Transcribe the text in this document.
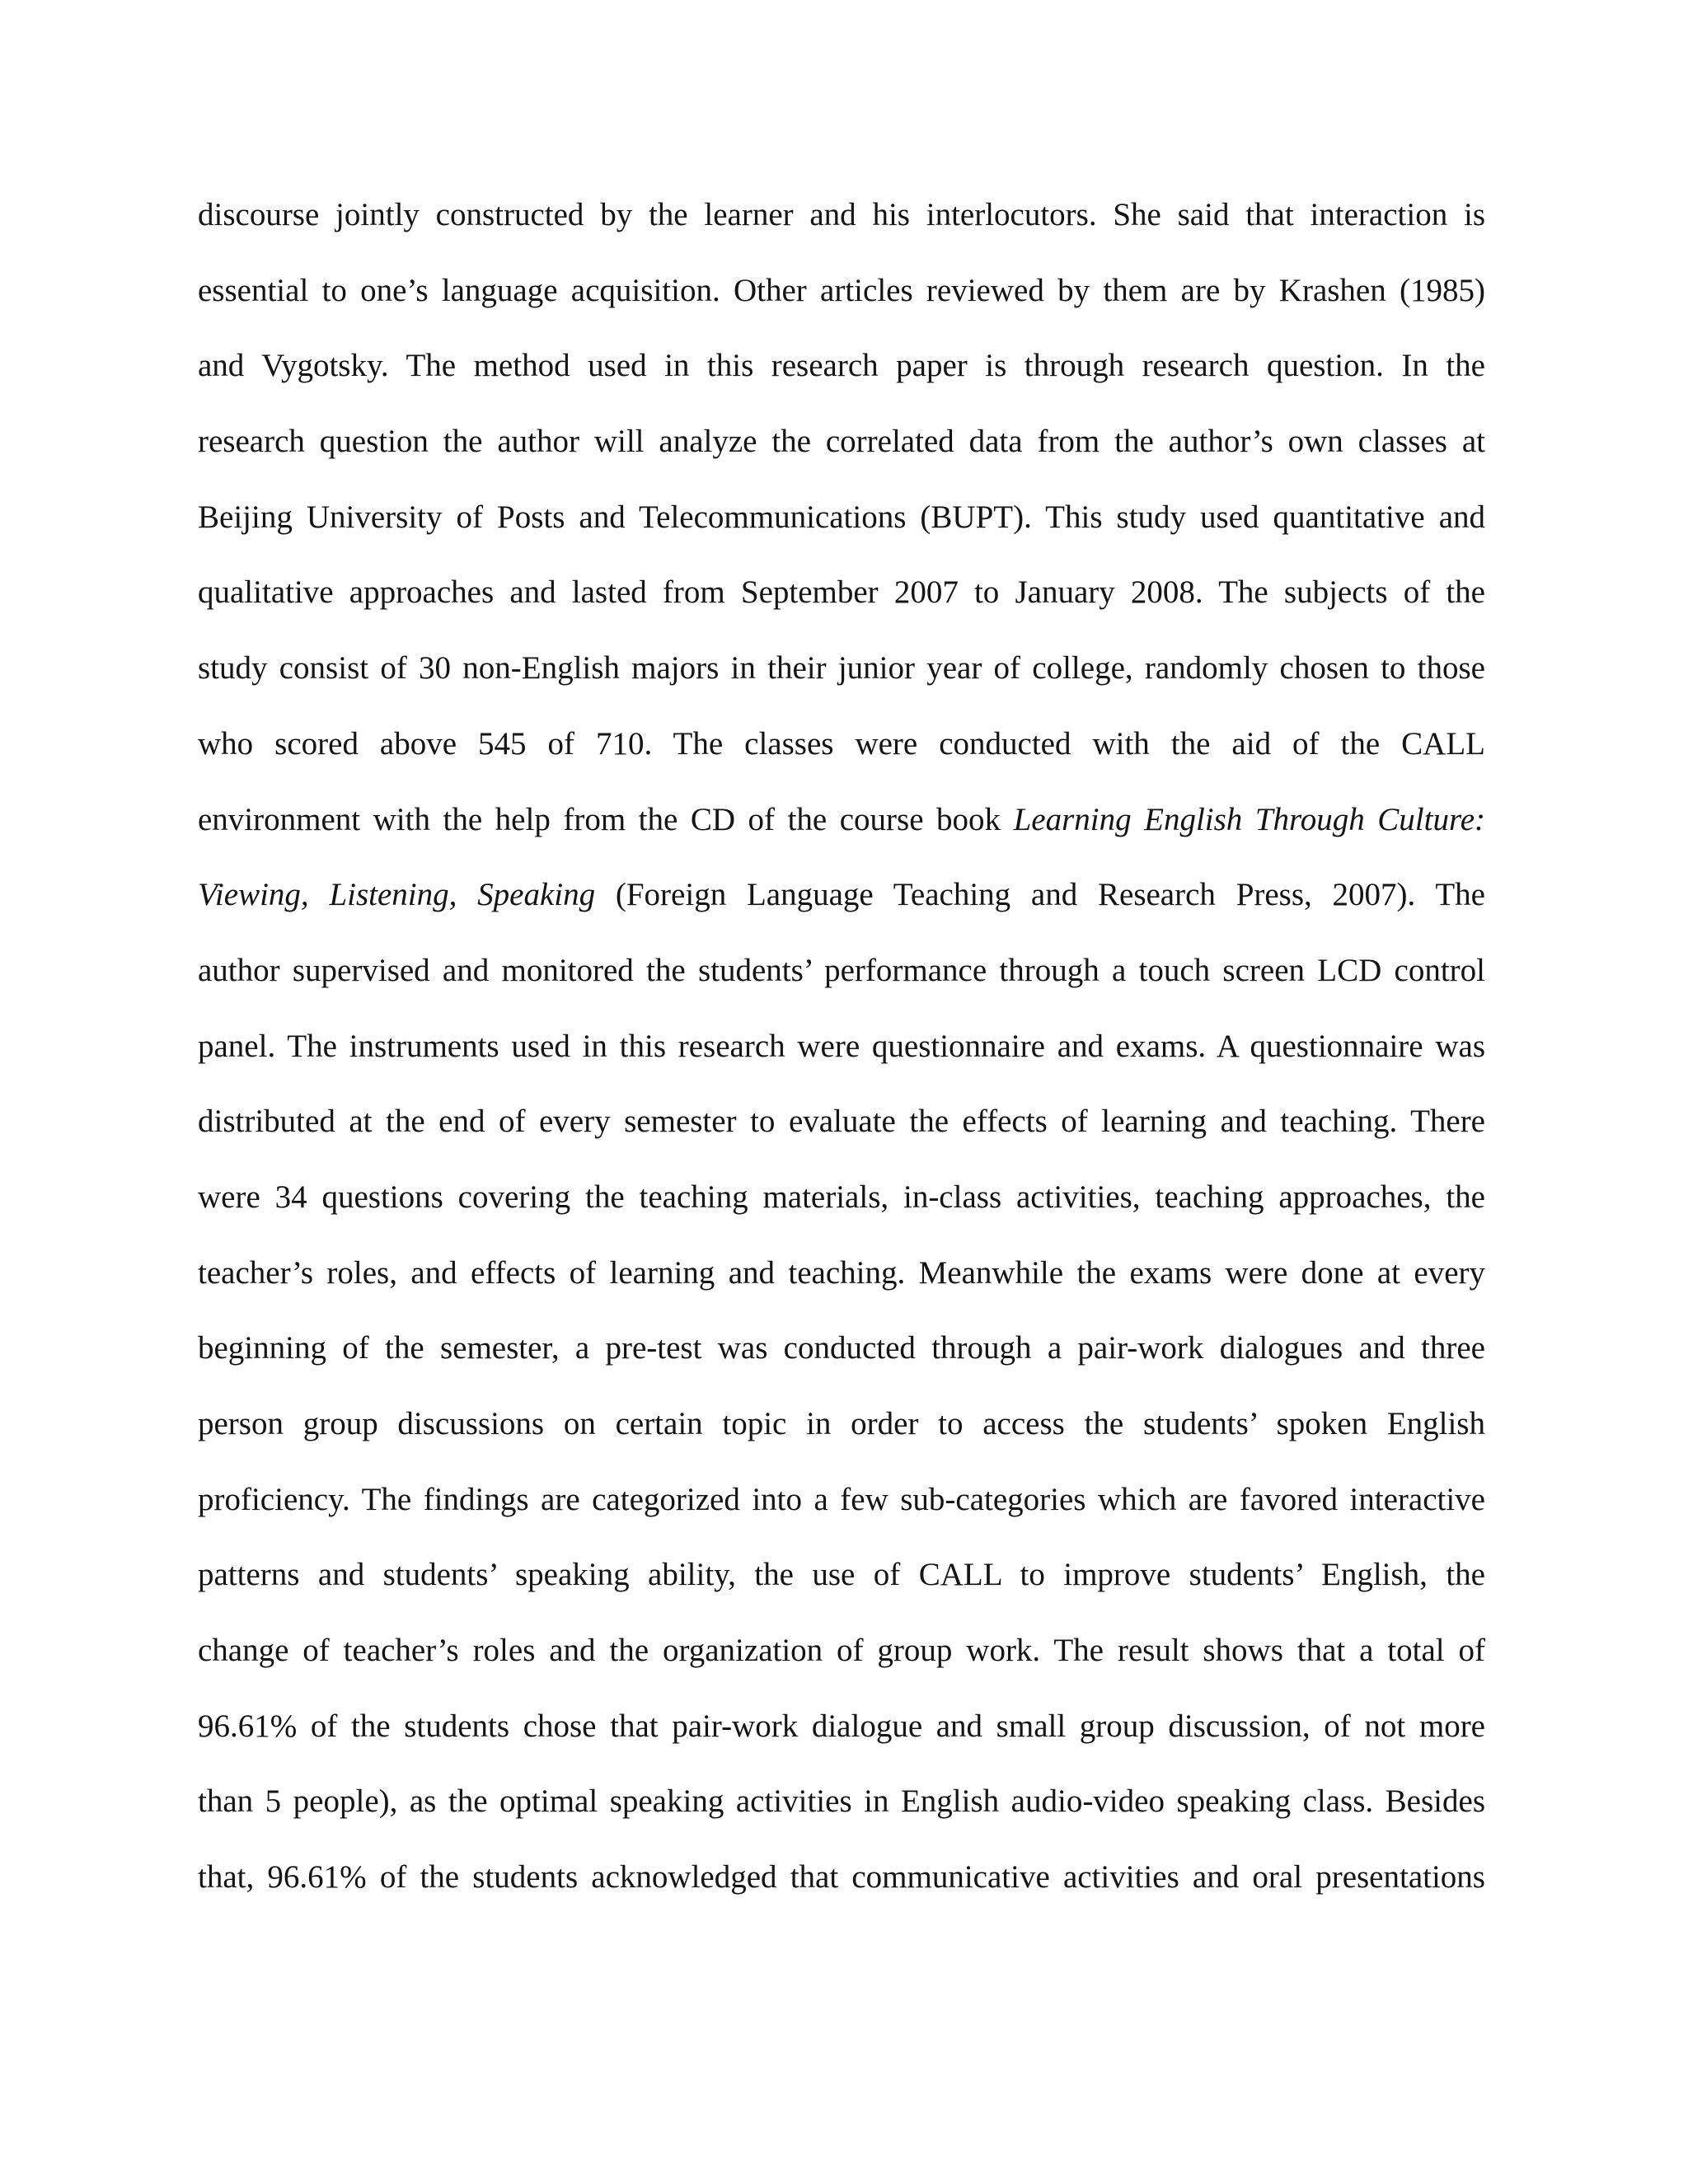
discourse jointly constructed by the learner and his interlocutors. She said that interaction is
essential to one’s language acquisition. Other articles reviewed by them are by Krashen (1985)
and Vygotsky. The method used in this research paper is through research question. In the
research question the author will analyze the correlated data from the author’s own classes at
Beijing University of Posts and Telecommunications (BUPT). This study used quantitative and
qualitative approaches and lasted from September 2007 to January 2008. The subjects of the
study consist of 30 non-English majors in their junior year of college, randomly chosen to those
who scored above 545 of 710. The classes were conducted with the aid of the CALL
environment with the help from the CD of the course book Learning English Through Culture:
Viewing, Listening, Speaking (Foreign Language Teaching and Research Press, 2007). The
author supervised and monitored the students’ performance through a touch screen LCD control
panel. The instruments used in this research were questionnaire and exams. A questionnaire was
distributed at the end of every semester to evaluate the effects of learning and teaching. There
were 34 questions covering the teaching materials, in-class activities, teaching approaches, the
teacher’s roles, and effects of learning and teaching. Meanwhile the exams were done at every
beginning of the semester, a pre-test was conducted through a pair-work dialogues and three
person group discussions on certain topic in order to access the students’ spoken English
proficiency. The findings are categorized into a few sub-categories which are favored interactive
patterns and students’ speaking ability, the use of CALL to improve students’ English, the
change of teacher’s roles and the organization of group work. The result shows that a total of
96.61% of the students chose that pair-work dialogue and small group discussion, of not more
than 5 people), as the optimal speaking activities in English audio-video speaking class. Besides
that, 96.61% of the students acknowledged that communicative activities and oral presentations
